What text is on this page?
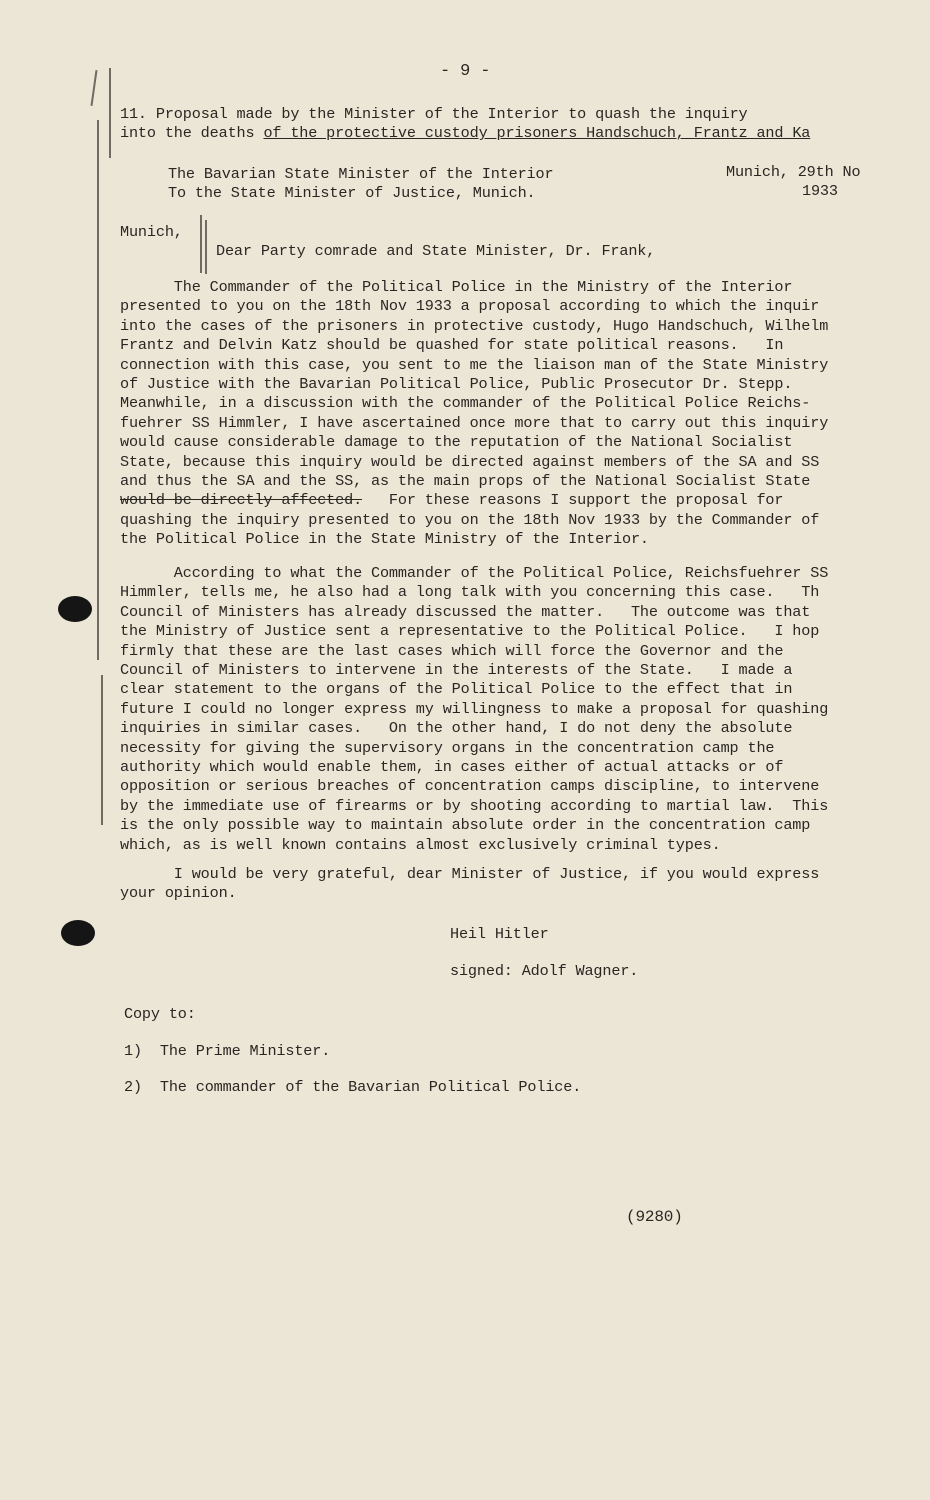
- 9 -
11. Proposal made by the Minister of the Interior to quash the inquiry
into the deaths of the protective custody prisoners Handschuch, Frantz and Ka
The Bavarian State Minister of the Interior
To the State Minister of Justice, Munich.
Munich, 29th No
1933
Munich,
Dear Party comrade and State Minister, Dr. Frank,
The Commander of the Political Police in the Ministry of the Interior
presented to you on the 18th Nov 1933 a proposal according to which the inquir
into the cases of the prisoners in protective custody, Hugo Handschuch, Wilhelm
Frantz and Delvin Katz should be quashed for state political reasons.   In
connection with this case, you sent to me the liaison man of the State Ministry
of Justice with the Bavarian Political Police, Public Prosecutor Dr. Stepp.
Meanwhile, in a discussion with the commander of the Political Police Reichs-
fuehrer SS Himmler, I have ascertained once more that to carry out this inquiry
would cause considerable damage to the reputation of the National Socialist
State, because this inquiry would be directed against members of the SA and SS
and thus the SA and the SS, as the main props of the National Socialist State
would be directly affected.   For these reasons I support the proposal for
quashing the inquiry presented to you on the 18th Nov 1933 by the Commander of
the Political Police in the State Ministry of the Interior.
According to what the Commander of the Political Police, Reichsfuehrer SS
Himmler, tells me, he also had a long talk with you concerning this case.   Th
Council of Ministers has already discussed the matter.   The outcome was that
the Ministry of Justice sent a representative to the Political Police.   I hop
firmly that these are the last cases which will force the Governor and the
Council of Ministers to intervene in the interests of the State.   I made a
clear statement to the organs of the Political Police to the effect that in
future I could no longer express my willingness to make a proposal for quashing
inquiries in similar cases.   On the other hand, I do not deny the absolute
necessity for giving the supervisory organs in the concentration camp the
authority which would enable them, in cases either of actual attacks or of
opposition or serious breaches of concentration camps discipline, to intervene
by the immediate use of firearms or by shooting according to martial law.  This
is the only possible way to maintain absolute order in the concentration camp
which, as is well known contains almost exclusively criminal types.
I would be very grateful, dear Minister of Justice, if you would express
your opinion.
Heil Hitler
signed: Adolf Wagner.
Copy to:
1) The Prime Minister.
2) The commander of the Bavarian Political Police.
(9280)
